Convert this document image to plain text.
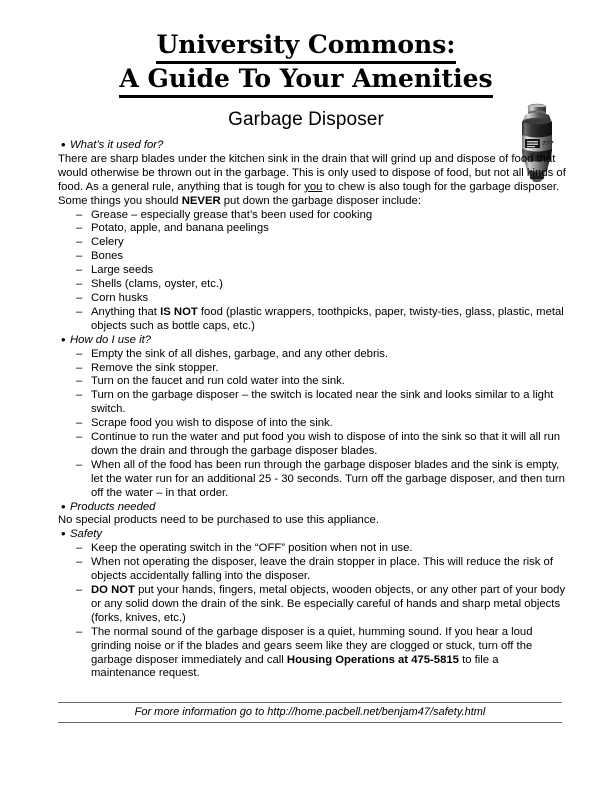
University Commons:
A Guide To Your Amenities
Garbage Disposer
777
• What’s it used for?

There are sharp blades under the kitchen sink in the drain that will grind up and dispose of food that would otherwise be thrown out in the garbage. This is only used to dispose of food, but not all kinds of food. As a general rule, anything that is tough for you to chew is also tough for the garbage disposer. Some things you should NEVER put down the garbage disposer include:

– Grease – especially grease that’s been used for cooking
– Potato, apple, and banana peelings
– Celery
– Bones
– Large seeds
– Shells (clams, oyster, etc.)
– Corn husks
– Anything that IS NOT food (plastic wrappers, toothpicks, paper, twisty-ties, glass, plastic, metal objects such as bottle caps, etc.)
• How do I use it?
– Empty the sink of all dishes, garbage, and any other debris.
– Remove the sink stopper.
– Turn on the faucet and run cold water into the sink.
– Turn on the garbage disposer – the switch is located near the sink and looks similar to a light switch.
– Scrape food you wish to dispose of into the sink.
– Continue to run the water and put food you wish to dispose of into the sink so that it will all run down the drain and through the garbage disposer blades.
– When all of the food has been run through the garbage disposer blades and the sink is empty, let the water run for an additional 25 - 30 seconds. Turn off the garbage disposer, and then turn off the water – in that order.
• Products needed

No special products need to be purchased to use this appliance.

• Safety
– Keep the operating switch in the “OFF” position when not in use.
– When not operating the disposer, leave the drain stopper in place. This will reduce the risk of objects accidentally falling into the disposer.
– DO NOT put your hands, fingers, metal objects, wooden objects, or any other part of your body or any solid down the drain of the sink. Be especially careful of hands and sharp metal objects (forks, knives, etc.)
– The normal sound of the garbage disposer is a quiet, humming sound. If you hear a loud grinding noise or if the blades and gears seem like they are clogged or stuck, turn off the garbage disposer immediately and call Housing Operations at 475-5815 to file a maintenance request.
For more information go to http://home.pacbell.net/benjam47/safety.html
